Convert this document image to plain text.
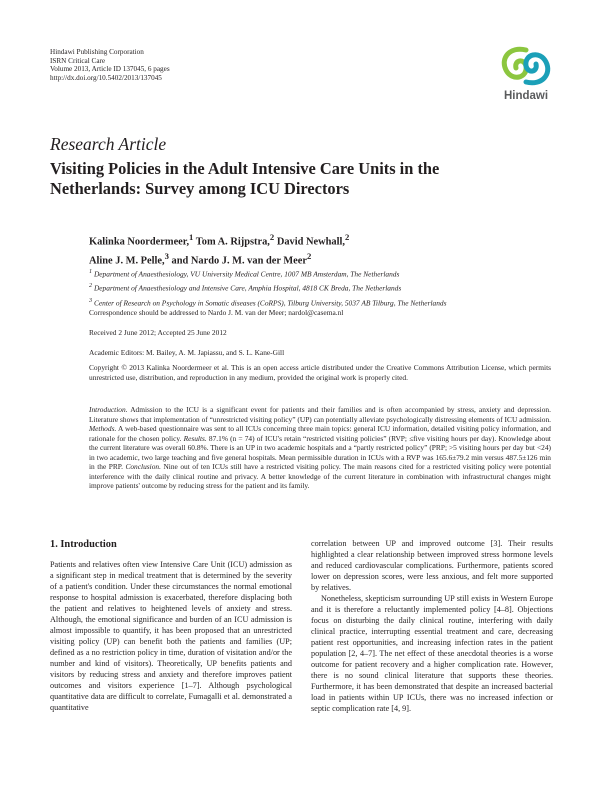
Hindawi Publishing Corporation
ISRN Critical Care
Volume 2013, Article ID 137045, 6 pages
http://dx.doi.org/10.5402/2013/137045
Hindawi
Research Article
Visiting Policies in the Adult Intensive Care Units in the
Netherlands: Survey among ICU Directors
Kalinka Noordermeer,$^1$ Tom A. Rijpstra,$^2$ David Newhall,$^2$
Aline J. M. Pelle,$^3$ and Nardo J. M. van der Meer$^2$
$^1$ Department of Anaesthesiology, VU University Medical Centre, 1007 MB Amsterdam, The Netherlands
$^2$ Department of Anaesthesiology and Intensive Care, Amphia Hospital, 4818 CK Breda, The Netherlands
$^3$ Center of Research on Psychology in Somatic diseases (CoRPS), Tilburg University, 5037 AB Tilburg, The Netherlands
Correspondence should be addressed to Nardo J. M. van der Meer; nardol@casema.nl
Received 2 June 2012; Accepted 25 June 2012
Academic Editors: M. Bailey, A. M. Japiassu, and S. L. Kane-Gill
Copyright © 2013 Kalinka Noordermeer et al. This is an open access article distributed under the Creative Commons Attribution License, which permits unrestricted use, distribution, and reproduction in any medium, provided the original work is properly cited.
Introduction. Admission to the ICU is a significant event for patients and their families and is often accompanied by stress, anxiety and depression. Literature shows that implementation of “unrestricted visiting policy” (UP) can potentially alleviate psychologically distressing elements of ICU admission. Methods. A web-based questionnaire was sent to all ICUs concerning three main topics: general ICU information, detailed visiting policy information, and rationale for the chosen policy. Results. 87.1% (n = 74) of ICU's retain “restricted visiting policies” (RVP; ≤five visiting hours per day). Knowledge about the current literature was overall 60.8%. There is an UP in two academic hospitals and a “partly restricted policy” (PRP; >5 visiting hours per day but <24) in two academic, two large teaching and five general hospitals. Mean permissible duration in ICUs with a RVP was 165.6±79.2 min versus 487.5±126 min in the PRP. Conclusion. Nine out of ten ICUs still have a restricted visiting policy. The main reasons cited for a restricted visiting policy were potential interference with the daily clinical routine and privacy. A better knowledge of the current literature in combination with infrastructural changes might improve patients' outcome by reducing stress for the patient and its family.
1. Introduction

Patients and relatives often view Intensive Care Unit (ICU) admission as a significant step in medical treatment that is determined by the severity of a patient's condition. Under these circumstances the normal emotional response to hospital admission is exacerbated, therefore displacing both the patient and relatives to heightened levels of anxiety and stress. Although, the emotional significance and burden of an ICU admission is almost impossible to quantify, it has been proposed that an unrestricted visiting policy (UP) can benefit both the patients and families (UP; defined as a no restriction policy in time, duration of visitation and/or the number and kind of visitors). Theoretically, UP benefits patients and visitors by reducing stress and anxiety and therefore improves patient outcomes and visitors experience [1–7]. Although psychological quantitative data are difficult to correlate, Fumagalli et al. demonstrated a quantitative

correlation between UP and improved outcome [3]. Their results highlighted a clear relationship between improved stress hormone levels and reduced cardiovascular complications. Furthermore, patients scored lower on depression scores, were less anxious, and felt more supported by relatives.

Nonetheless, skepticism surrounding UP still exists in Western Europe and it is therefore a reluctantly implemented policy [4–8]. Objections focus on disturbing the daily clinical routine, interfering with daily clinical practice, interrupting essential treatment and care, decreasing patient rest opportunities, and increasing infection rates in the patient population [2, 4–7]. The net effect of these anecdotal theories is a worse outcome for patient recovery and a higher complication rate. However, there is no sound clinical literature that supports these theories. Furthermore, it has been demonstrated that despite an increased bacterial load in patients within UP ICUs, there was no increased infection or septic complication rate [4, 9].
